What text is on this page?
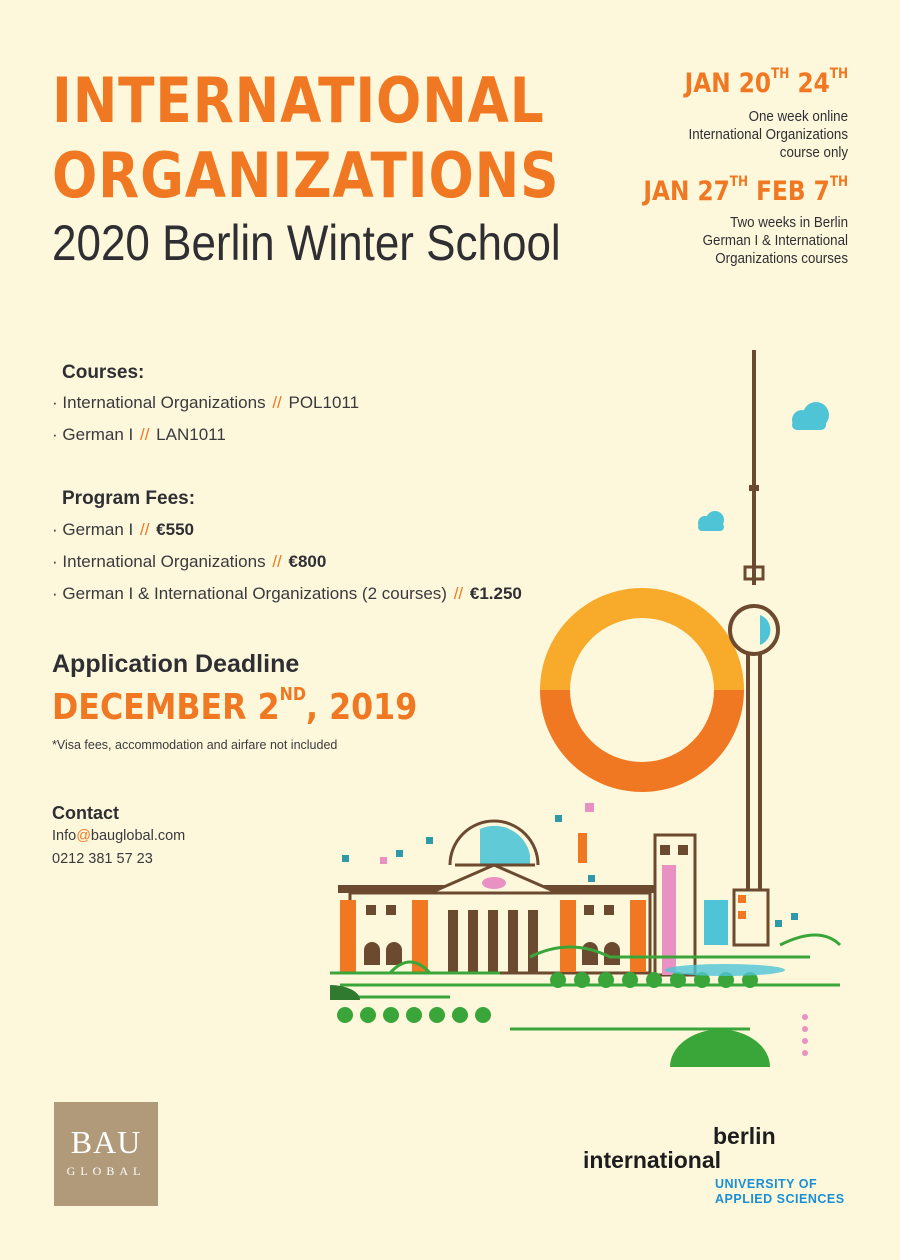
INTERNATIONAL
ORGANIZATIONS
2020 Berlin Winter School
JAN 20TH 24TH
One week online
International Organizations
course only
JAN 27TH FEB 7TH
Two weeks in Berlin
German I & International
Organizations courses
Courses:
· International Organizations // POL1011
· German I // LAN1011
Program Fees:
· German I // €550
· International Organizations // €800
· German I & International Organizations (2 courses) // €1.250
Application Deadline
DECEMBER 2ND, 2019
*Visa fees, accommodation and airfare not included
Contact
Info@bauglobal.com
0212 381 57 23
BAU
GLOBAL
berlin
international
UNIVERSITY OF
APPLIED SCIENCES
